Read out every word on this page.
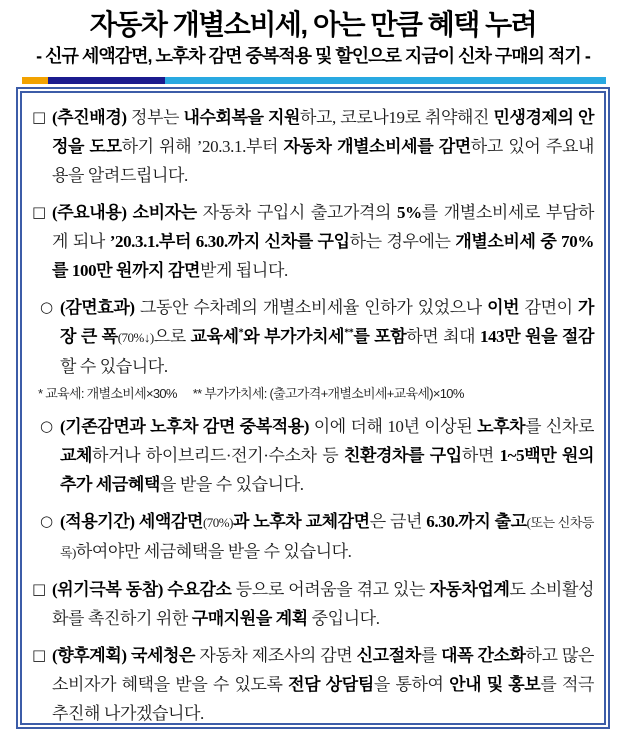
자동차 개별소비세, 아는 만큼 혜택 누려
- 신규 세액감면, 노후차 감면 중복적용 및 할인으로 지금이 신차 구매의 적기 -
□ (추진배경) 정부는 내수회복을 지원하고, 코로나19로 취약해진 민생경제의 안정을 도모하기 위해 ’20.3.1.부터 자동차 개별소비세를 감면하고 있어 주요내용을 알려드립니다.
□ (주요내용) 소비자는 자동차 구입시 출고가격의 5%를 개별소비세로 부담하게 되나 ’20.3.1.부터 6.30.까지 신차를 구입하는 경우에는 개별소비세 중 70%를 100만 원까지 감면받게 됩니다.
○ (감면효과) 그동안 수차례의 개별소비세율 인하가 있었으나 이번 감면이 가장 큰 폭(70%↓)으로 교육세*와 부가가치세**를 포함하면 최대 143만 원을 절감할 수 있습니다.
* 교육세: 개별소비세×30% ** 부가가치세: (출고가격+개별소비세+교육세)×10%
○ (기존감면과 노후차 감면 중복적용) 이에 더해 10년 이상된 노후차를 신차로 교체하거나 하이브리드·전기·수소차 등 친환경차를 구입하면 1~5백만 원의 추가 세금혜택을 받을 수 있습니다.
○ (적용기간) 세액감면(70%)과 노후차 교체감면은 금년 6.30.까지 출고(또는 신차등록)하여야만 세금혜택을 받을 수 있습니다.
□ (위기극복 동참) 수요감소 등으로 어려움을 겪고 있는 자동차업계도 소비활성화를 촉진하기 위한 구매지원을 계획 중입니다.
□ (향후계획) 국세청은 자동차 제조사의 감면 신고절차를 대폭 간소화하고 많은 소비자가 혜택을 받을 수 있도록 전담 상담팀을 통하여 안내 및 홍보를 적극 추진해 나가겠습니다.
